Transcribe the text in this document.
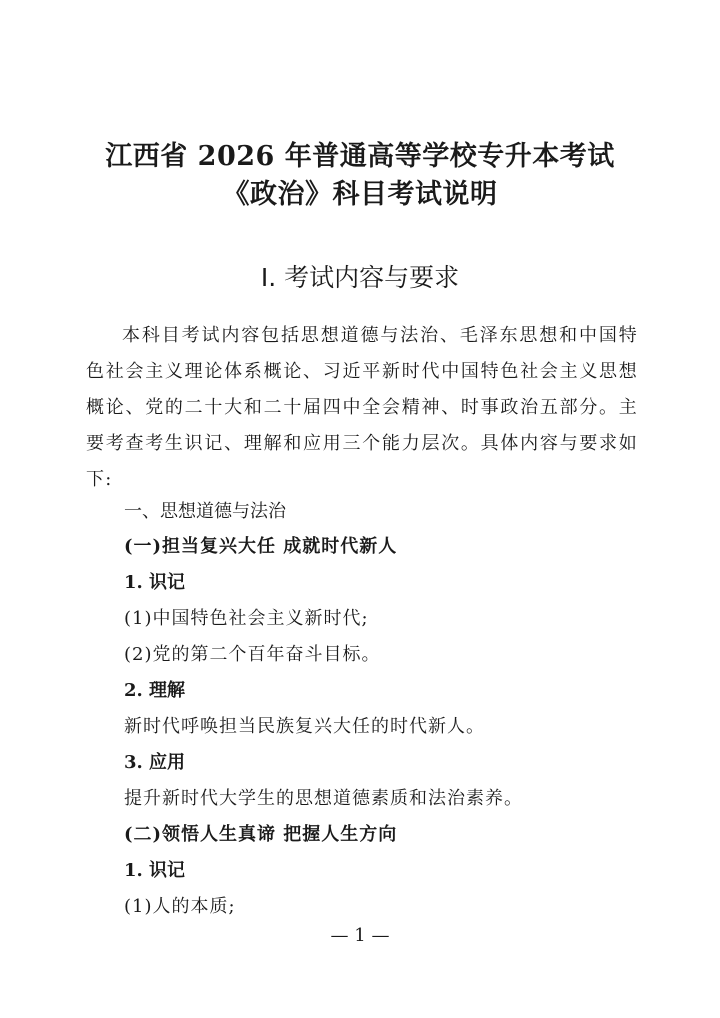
江西省 2026 年普通高等学校专升本考试
《政治》科目考试说明
Ⅰ. 考试内容与要求
本科目考试内容包括思想道德与法治、毛泽东思想和中国特色社会主义理论体系概论、习近平新时代中国特色社会主义思想概论、党的二十大和二十届四中全会精神、时事政治五部分。主要考查考生识记、理解和应用三个能力层次。具体内容与要求如下:
一、思想道德与法治
(一)担当复兴大任 成就时代新人
1. 识记
(1)中国特色社会主义新时代;
(2)党的第二个百年奋斗目标。
2. 理解
新时代呼唤担当民族复兴大任的时代新人。
3. 应用
提升新时代大学生的思想道德素质和法治素养。
(二)领悟人生真谛 把握人生方向
1. 识记
(1)人的本质;
— 1 —
